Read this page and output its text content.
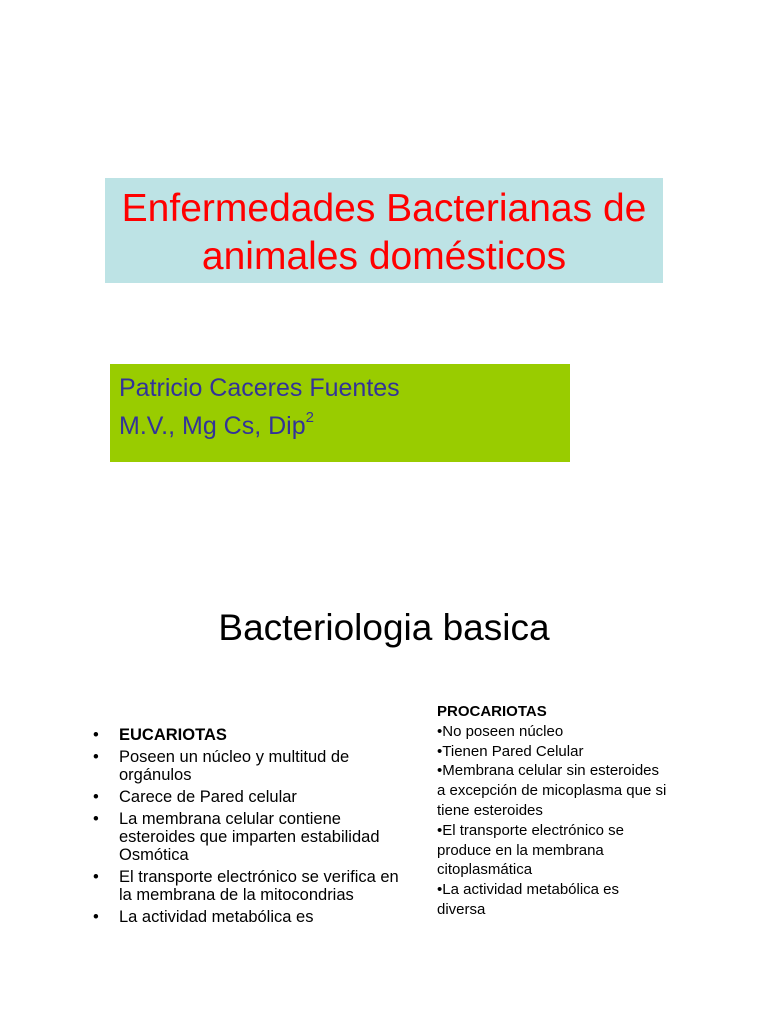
Enfermedades Bacterianas de
animales domésticos
Patricio Caceres Fuentes
M.V., Mg Cs, Dip$^2$
Bacteriologia basica
• EUCARIOTAS
• Poseen un núcleo y multitud de orgánulos
• Carece de Pared celular
• La membrana celular contiene esteroides que imparten estabilidad Osmótica
• El transporte electrónico se verifica en la membrana de la mitocondrias
• La actividad metabólica es
PROCARIOTAS
•No poseen núcleo
•Tienen Pared Celular
•Membrana celular sin esteroides a excepción de micoplasma que si tiene esteroides
•El transporte electrónico se produce en la membrana citoplasmática
•La actividad metabólica es diversa
